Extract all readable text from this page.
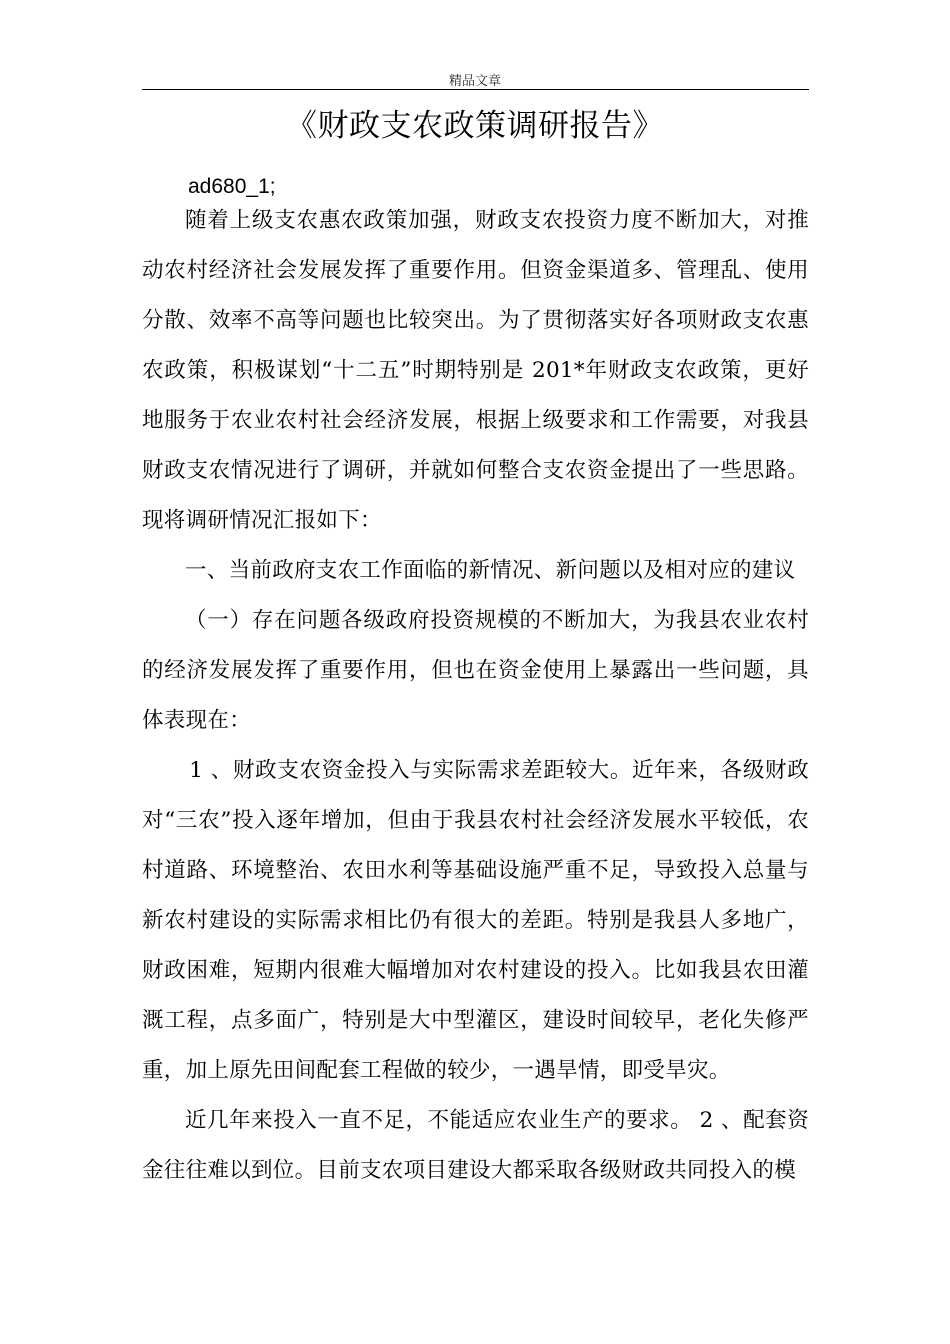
精品文章
《财政支农政策调研报告》
ad680_1;

随着上级支农惠农政策加强，财政支农投资力度不断加大，对推动农村经济社会发展发挥了重要作用。但资金渠道多、管理乱、使用分散、效率不高等问题也比较突出。为了贯彻落实好各项财政支农惠农政策，积极谋划“十二五”时期特别是 201*年财政支农政策，更好地服务于农业农村社会经济发展，根据上级要求和工作需要，对我县财政支农情况进行了调研，并就如何整合支农资金提出了一些思路。现将调研情况汇报如下：

一、当前政府支农工作面临的新情况、新问题以及相对应的建议

（一）存在问题各级政府投资规模的不断加大，为我县农业农村的经济发展发挥了重要作用，但也在资金使用上暴露出一些问题，具体表现在：

1 、财政支农资金投入与实际需求差距较大。近年来，各级财政对“三农”投入逐年增加，但由于我县农村社会经济发展水平较低，农村道路、环境整治、农田水利等基础设施严重不足，导致投入总量与新农村建设的实际需求相比仍有很大的差距。特别是我县人多地广，财政困难，短期内很难大幅增加对农村建设的投入。比如我县农田灌溉工程，点多面广，特别是大中型灌区，建设时间较早，老化失修严重，加上原先田间配套工程做的较少，一遇旱情，即受旱灾。

近几年来投入一直不足，不能适应农业生产的要求。 2 、配套资金往往难以到位。目前支农项目建设大都采取各级财政共同投入的模
